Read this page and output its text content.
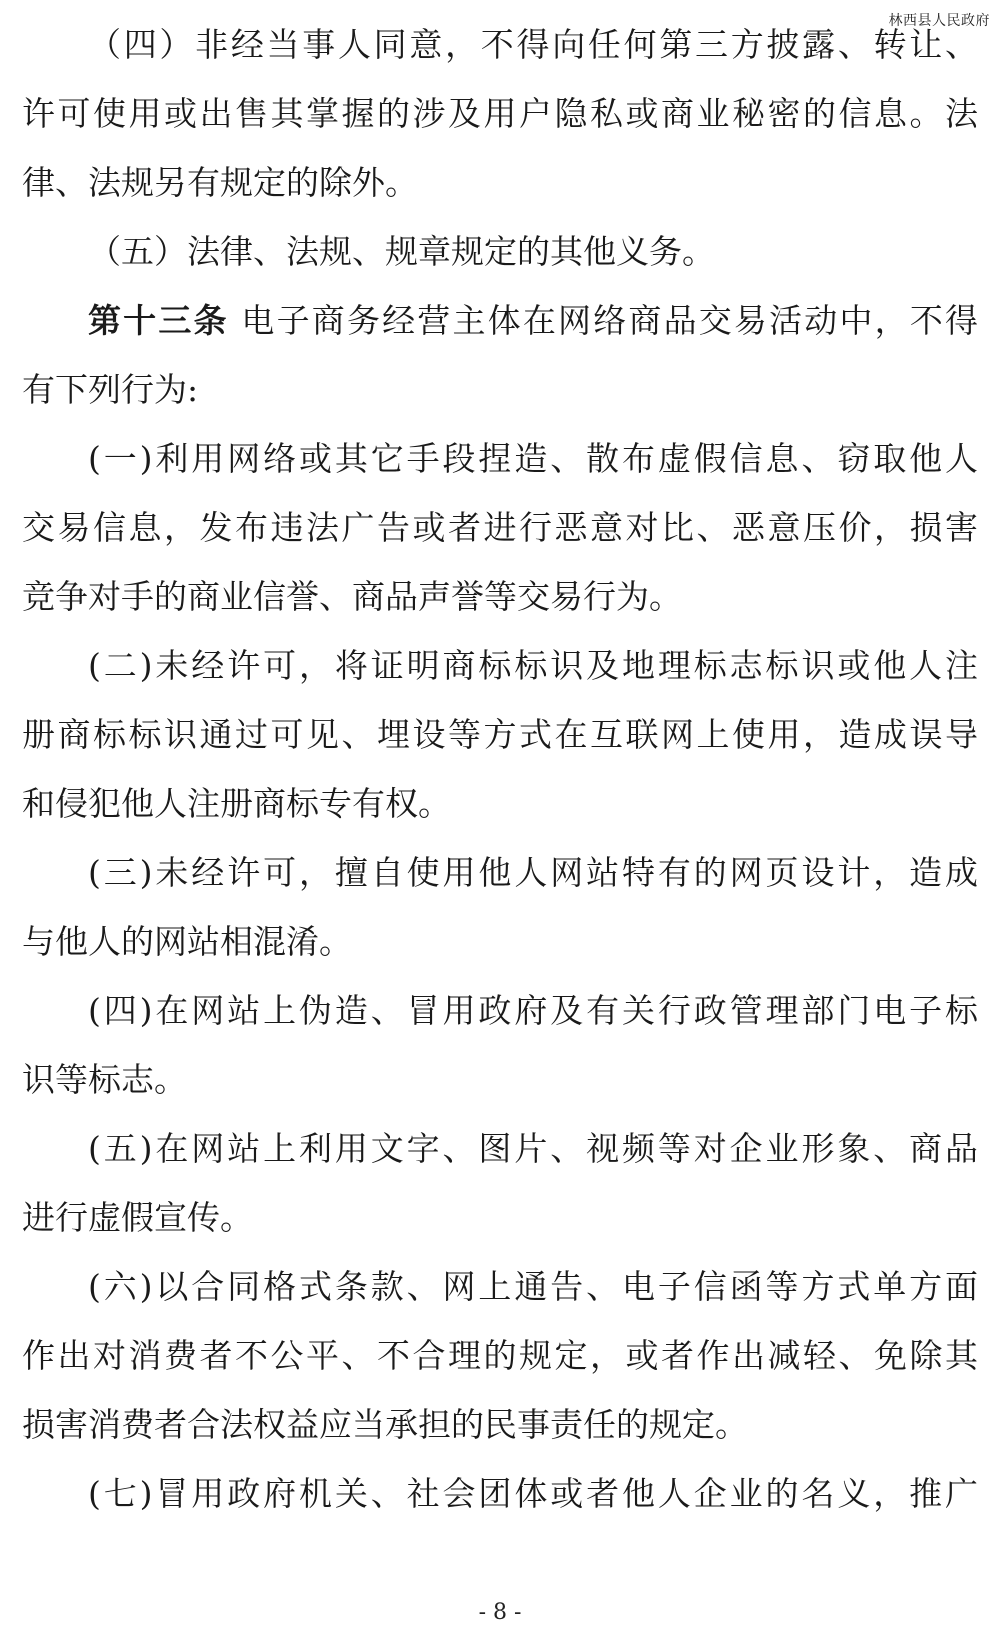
林西县人民政府
（四）非经当事人同意，不得向任何第三方披露、转让、
许可使用或出售其掌握的涉及用户隐私或商业秘密的信息。法
律、法规另有规定的除外。
（五）法律、法规、规章规定的其他义务。
第十三条 电子商务经营主体在网络商品交易活动中，不得
有下列行为:
(一)利用网络或其它手段捏造、散布虚假信息、窃取他人
交易信息，发布违法广告或者进行恶意对比、恶意压价，损害
竞争对手的商业信誉、商品声誉等交易行为。
(二)未经许可，将证明商标标识及地理标志标识或他人注
册商标标识通过可见、埋设等方式在互联网上使用，造成误导
和侵犯他人注册商标专有权。
(三)未经许可，擅自使用他人网站特有的网页设计，造成
与他人的网站相混淆。
(四)在网站上伪造、冒用政府及有关行政管理部门电子标
识等标志。
(五)在网站上利用文字、图片、视频等对企业形象、商品
进行虚假宣传。
(六)以合同格式条款、网上通告、电子信函等方式单方面
作出对消费者不公平、不合理的规定，或者作出减轻、免除其
损害消费者合法权益应当承担的民事责任的规定。
(七)冒用政府机关、社会团体或者他人企业的名义，推广
- 8 -
